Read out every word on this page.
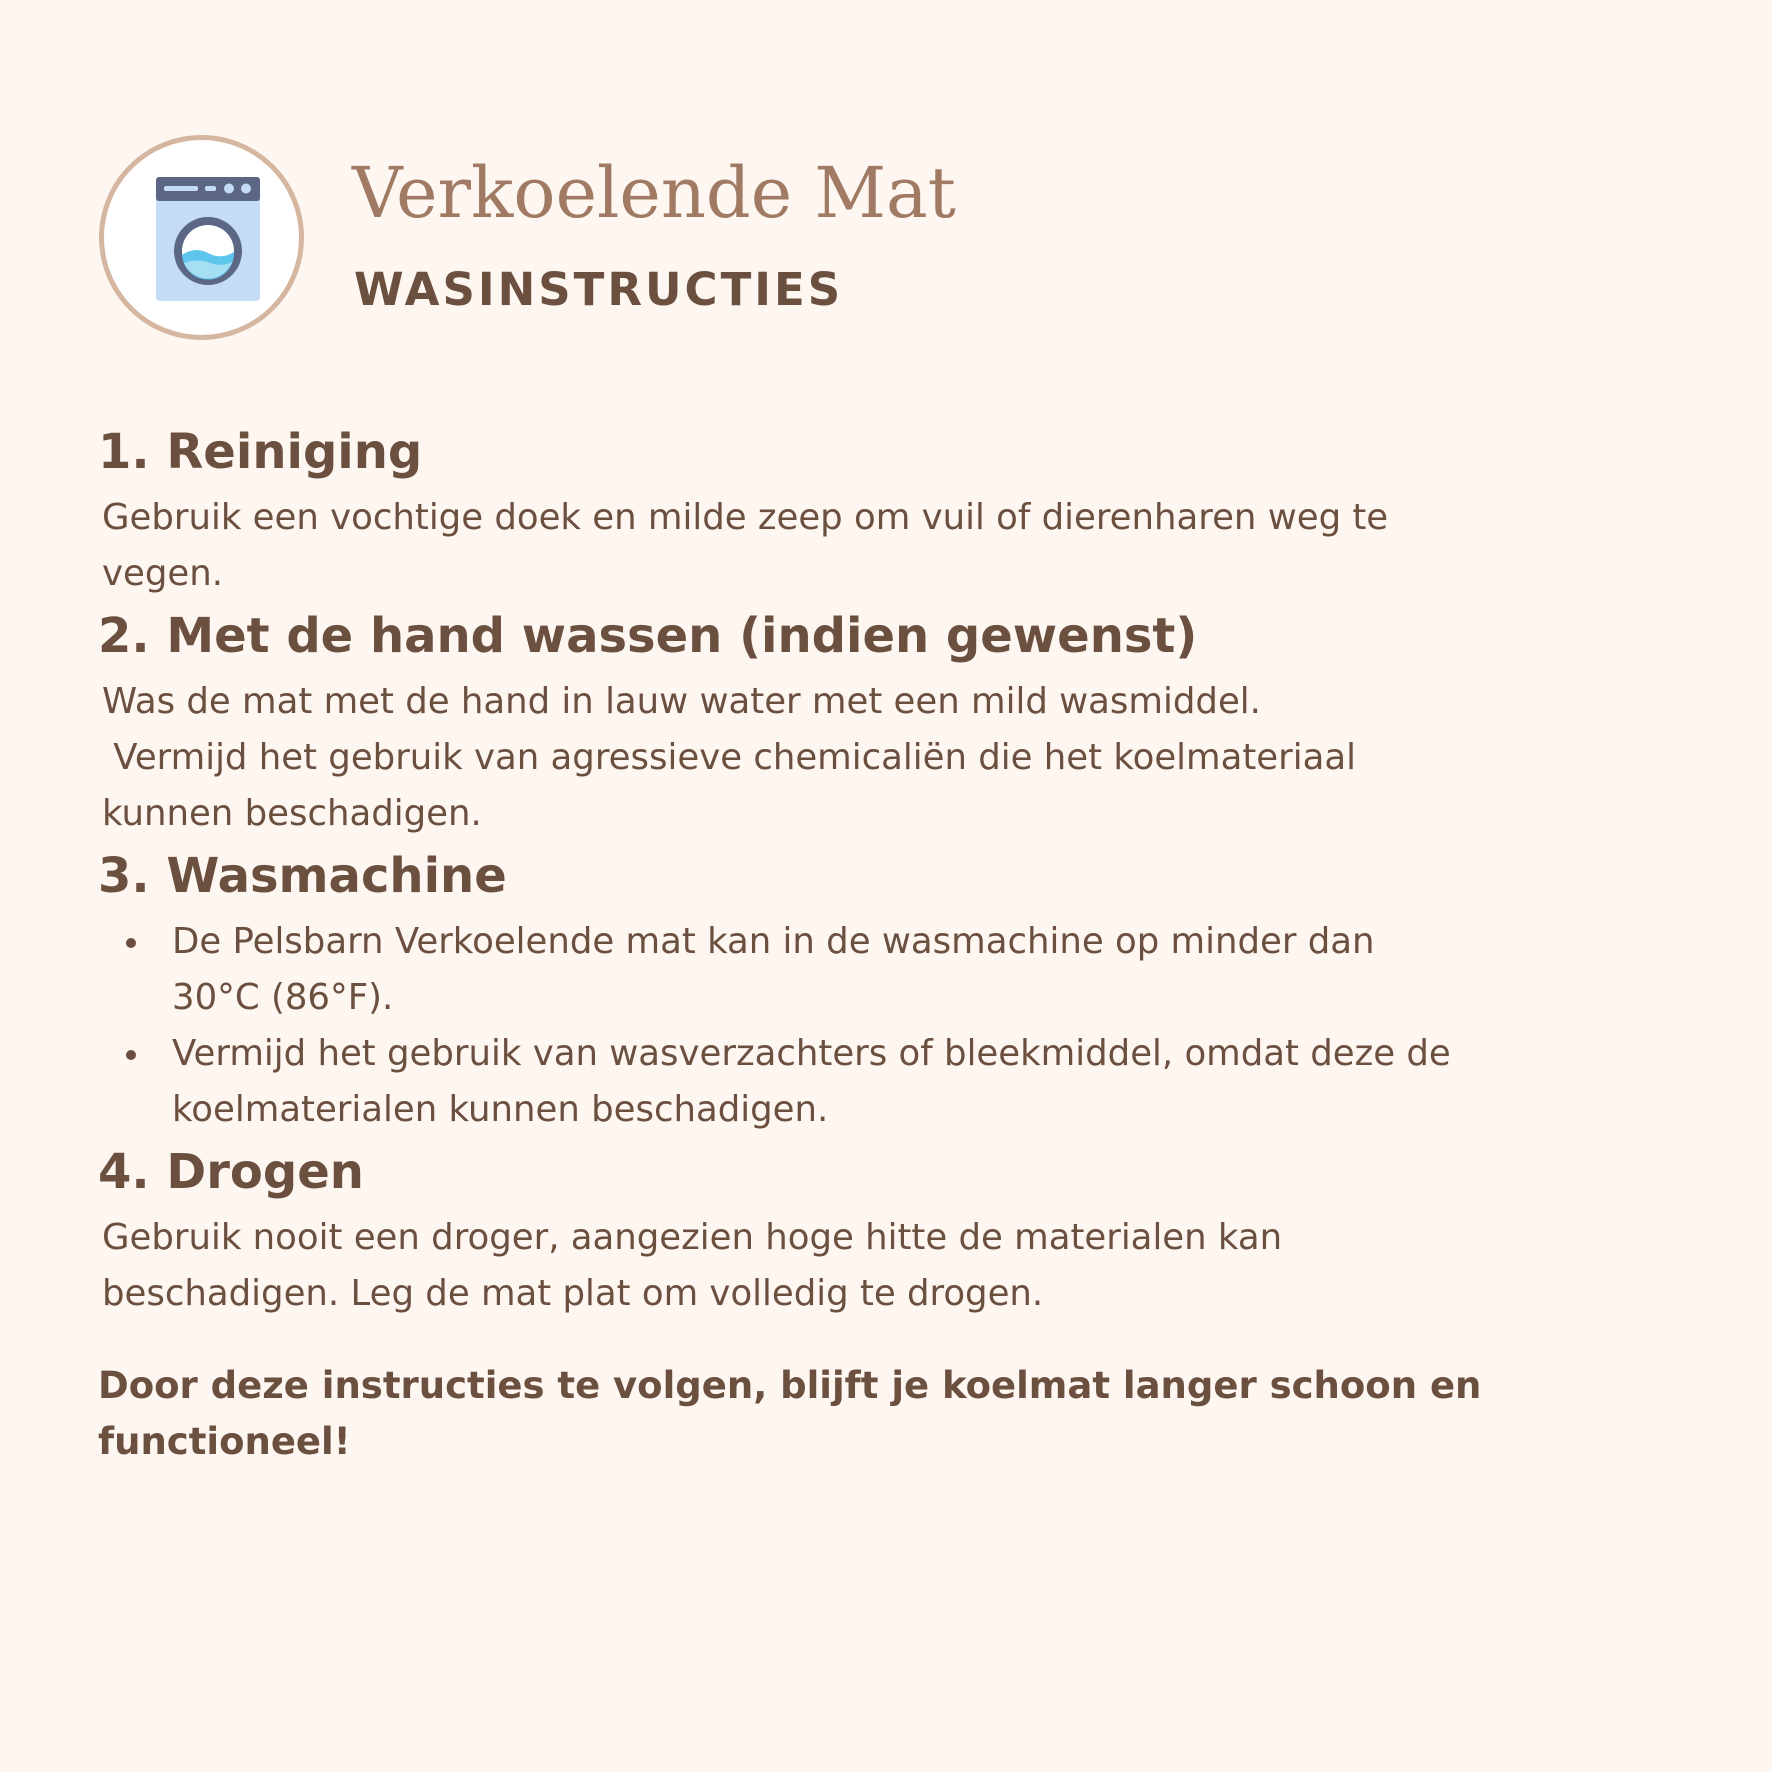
Verkoelende Mat
WASINSTRUCTIES
1. Reiniging

Gebruik een vochtige doek en milde zeep om vuil of dierenharen weg te
vegen.

2. Met de hand wassen (indien gewenst)

Was de mat met de hand in lauw water met een mild wasmiddel.
Vermijd het gebruik van agressieve chemicaliën die het koelmateriaal
kunnen beschadigen.

3. Wasmachine
De Pelsbarn Verkoelende mat kan in de wasmachine op minder dan
30°C (86°F).
Vermijd het gebruik van wasverzachters of bleekmiddel, omdat deze de
koelmaterialen kunnen beschadigen.
4. Drogen

Gebruik nooit een droger, aangezien hoge hitte de materialen kan
beschadigen. Leg de mat plat om volledig te drogen.

Door deze instructies te volgen, blijft je koelmat langer schoon en
functioneel!
